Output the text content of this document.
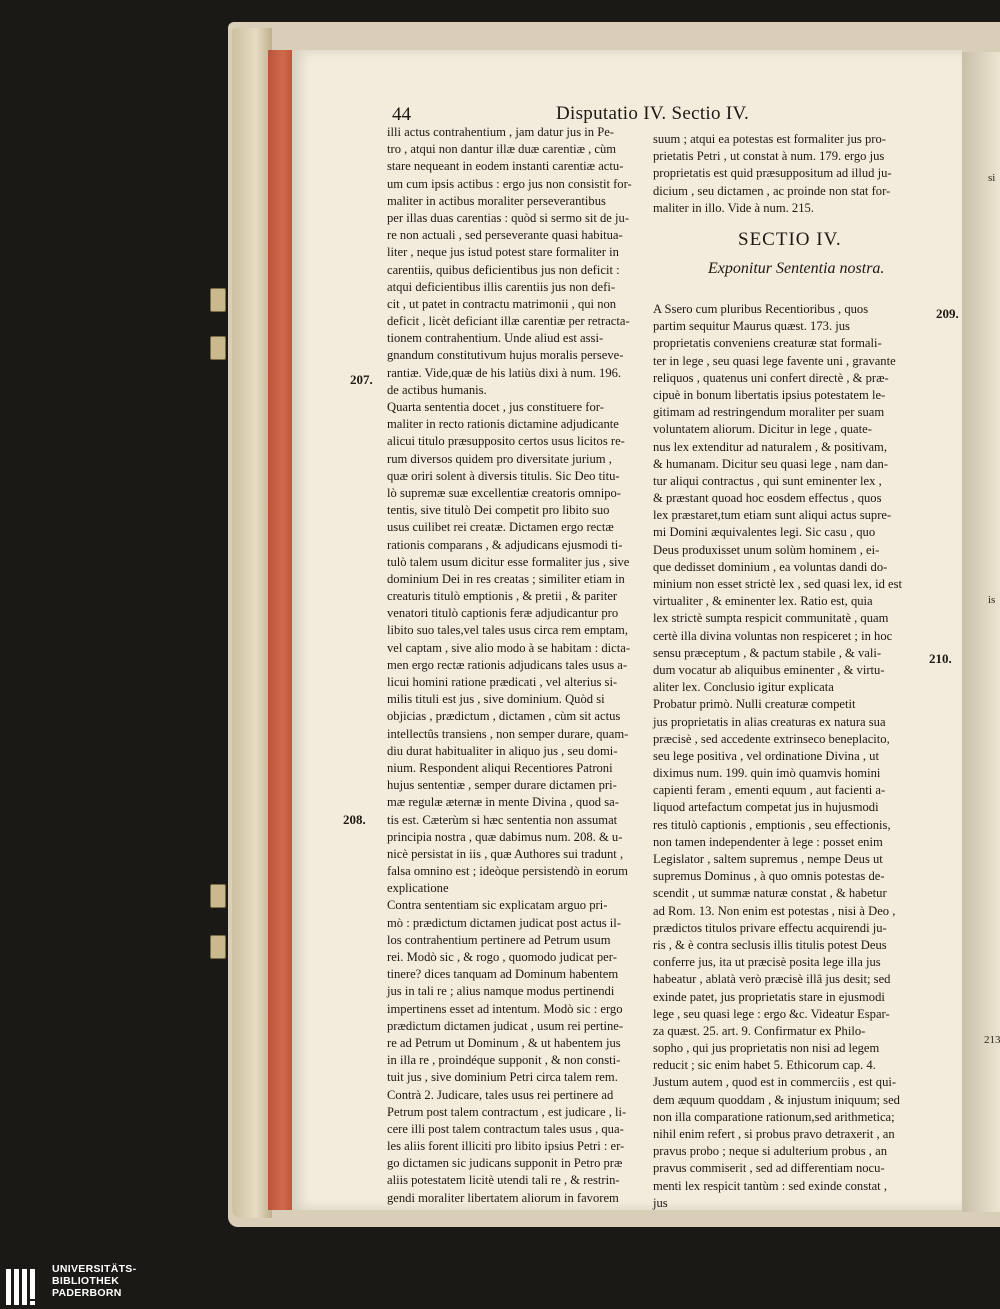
44	Disputatio IV. Sectio IV.
illi actus contrahentium , jam datur jus in Pe-
tro , atqui non dantur illæ duæ carentiæ , cùm
stare nequeant in eodem instanti carentiæ actu-
um cum ipsis actibus : ergo jus non consistit for-
maliter in actibus moraliter perseverantibus
per illas duas carentias : quòd si sermo sit de ju-
re non actuali , sed perseverante quasi habitua-
liter , neque jus istud potest stare formaliter in
carentiis, quibus deficientibus jus non deficit :
atqui deficientibus illis carentiis jus non defi-
cit , ut patet in contractu matrimonii , qui non
deficit , licèt deficiant illæ carentiæ per retracta-
tionem contrahentium. Unde aliud est assi-
gnandum constitutivum hujus moralis perseve-
rantiæ. Vide,quæ de his latiùs dixi à num. 196.
de actibus humanis.
Quarta sententia docet , jus constituere for-
maliter in recto rationis dictamine adjudicante
alicui titulo præsupposito certos usus licitos re-
rum diversos quidem pro diversitate jurium ,
quæ oriri solent à diversis titulis. Sic Deo titu-
lò supremæ suæ excellentiæ creatoris omnipo-
tentis, sive titulò Dei competit pro libito suo
usus cuilibet rei creatæ. Dictamen ergo rectæ
rationis comparans , & adjudicans ejusmodi ti-
tulò talem usum dicitur esse formaliter jus , sive
dominium Dei in res creatas ; similiter etiam in
creaturis titulò emptionis , & pretii , & pariter
venatori titulò captionis feræ adjudicantur pro
libito suo tales,vel tales usus circa rem emptam,
vel captam , sive alio modo à se habitam : dicta-
men ergo rectæ rationis adjudicans tales usus a-
licui homini ratione prædicati , vel alterius si-
milis tituli est jus , sive dominium. Quòd si
objicias , prædictum , dictamen , cùm sit actus
intellectûs transiens , non semper durare, quam-
diu durat habitualiter in aliquo jus , seu domi-
nium. Respondent aliqui Recentiores Patroni
hujus sententiæ , semper durare dictamen pri-
mæ regulæ æternæ in mente Divina , quod sa-
tis est. Cæterùm si hæc sententia non assumat
principia nostra , quæ dabimus num. 208. & u-
nicè persistat in iis , quæ Authores sui tradunt ,
falsa omnino est ; ideòque persistendò in eorum
explicatione
Contra sententiam sic explicatam arguo pri-
mò : prædictum dictamen judicat post actus il-
los contrahentium pertinere ad Petrum usum
rei. Modò sic , & rogo , quomodo judicat per-
tinere? dices tanquam ad Dominum habentem
jus in tali re ; alius namque modus pertinendi
impertinens esset ad intentum. Modò sic : ergo
prædictum dictamen judicat , usum rei pertine-
re ad Petrum ut Dominum , & ut habentem jus
in illa re , proindéque supponit , & non consti-
tuit jus , sive dominium Petri circa talem rem.
Contrà 2. Judicare, tales usus rei pertinere ad
Petrum post talem contractum , est judicare , li-
cere illi post talem contractum tales usus , qua-
les aliis forent illiciti pro libito ipsius Petri : er-
go dictamen sic judicans supponit in Petro præ
aliis potestatem licitè utendi tali re , & restrin-
gendi moraliter libertatem aliorum in favorem
207.
208.
suum ; atqui ea potestas est formaliter jus pro-
prietatis Petri , ut constat à num. 179. ergo jus
proprietatis est quid præsuppositum ad illud ju-
dicium , seu dictamen , ac proinde non stat for-
maliter in illo. Vide à num. 215.
SECTIO IV.
Exponitur Sententia nostra.
A Ssero cum pluribus Recentioribus , quos
partim sequitur Maurus quæst. 173. jus
proprietatis conveniens creaturæ stat formali-
ter in lege , seu quasi lege favente uni , gravante
reliquos , quatenus uni confert directè , & præ-
cipuè in bonum libertatis ipsius potestatem le-
gitimam ad restringendum moraliter per suam
voluntatem aliorum. Dicitur in lege , quate-
nus lex extenditur ad naturalem , & positivam,
& humanam. Dicitur seu quasi lege , nam dan-
tur aliqui contractus , qui sunt eminenter lex ,
& præstant quoad hoc eosdem effectus , quos
lex præstaret,tum etiam sunt aliqui actus supre-
mi Domini æquivalentes legi. Sic casu , quo
Deus produxisset unum solùm hominem , ei-
que dedisset dominium , ea voluntas dandi do-
minium non esset strictè lex , sed quasi lex, id est
virtualiter , & eminenter lex. Ratio est, quia
lex strictè sumpta respicit communitatè , quam
certè illa divina voluntas non respiceret ; in hoc
sensu præceptum , & pactum stabile , & vali-
dum vocatur ab aliquibus eminenter , & virtu-
aliter lex. Conclusio igitur explicata
Probatur primò. Nulli creaturæ competit
jus proprietatis in alias creaturas ex natura sua
præcisè , sed accedente extrinseco beneplacito,
seu lege positiva , vel ordinatione Divina , ut
diximus num. 199. quin imò quamvis homini
capienti feram , ementi equum , aut facienti a-
liquod artefactum competat jus in hujusmodi
res titulò captionis , emptionis , seu effectionis,
non tamen independenter à lege : posset enim
Legislator , saltem supremus , nempe Deus ut
supremus Dominus , à quo omnis potestas de-
scendit , ut summæ naturæ constat , & habetur
ad Rom. 13. Non enim est potestas , nisi à Deo ,
prædictos titulos privare effectu acquirendi ju-
ris , & è contra seclusis illis titulis potest Deus
conferre jus, ita ut præcisè posita lege illa jus
habeatur , ablatà verò præcisè illâ jus desit; sed
exinde patet, jus proprietatis stare in ejusmodi
lege , seu quasi lege : ergo &c. Videatur Espar-
za quæst. 25. art. 9. Confirmatur ex Philo-
sopho , qui jus proprietatis non nisi ad legem
reducit ; sic enim habet 5. Ethicorum cap. 4.
Justum autem , quod est in commerciis , est qui-
dem æquum quoddam , & injustum iniquum; sed
non illa comparatione rationum,sed arithmetica;
nihil enim refert , si probus pravo detraxerit , an
pravus probo ; neque si adulterium probus , an
pravus commiserit , sed ad differentiam nocu-
menti lex respicit tantùm : sed exinde constat ,
jus
209.
210.
si
is
213
UNIVERSITÄTS-
BIBLIOTHEK
PADERBORN
